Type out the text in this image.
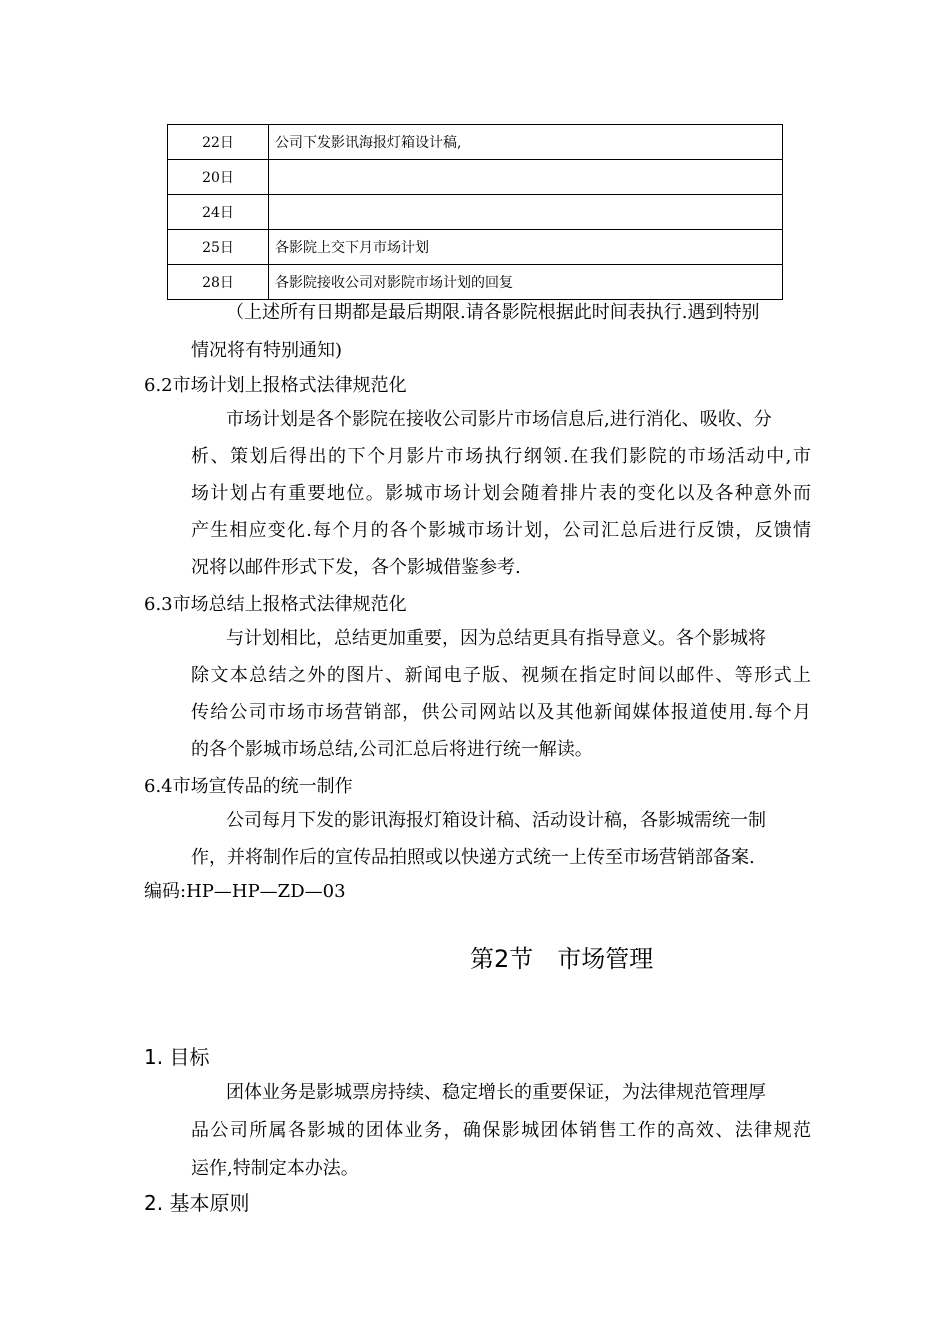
22日	公司下发影讯海报灯箱设计稿,
20日	
24日	
25日	各影院上交下月市场计划
28日	各影院接收公司对影院市场计划的回复
（上述所有日期都是最后期限.请各影院根据此时间表执行.遇到特别
情况将有特别通知)
6.2市场计划上报格式法律规范化
市场计划是各个影院在接收公司影片市场信息后,进行消化、吸收、分
析、策划后得出的下个月影片市场执行纲领.在我们影院的市场活动中,市
场计划占有重要地位。影城市场计划会随着排片表的变化以及各种意外而
产生相应变化.每个月的各个影城市场计划，公司汇总后进行反馈，反馈情
况将以邮件形式下发，各个影城借鉴参考.
6.3市场总结上报格式法律规范化
与计划相比，总结更加重要，因为总结更具有指导意义。各个影城将
除文本总结之外的图片、新闻电子版、视频在指定时间以邮件、等形式上
传给公司市场市场营销部，供公司网站以及其他新闻媒体报道使用.每个月
的各个影城市场总结,公司汇总后将进行统一解读。
6.4市场宣传品的统一制作
公司每月下发的影讯海报灯箱设计稿、活动设计稿，各影城需统一制
作，并将制作后的宣传品拍照或以快递方式统一上传至市场营销部备案.
编码:HP—HP—ZD—03
第2节 市场管理
1. 目标
团体业务是影城票房持续、稳定增长的重要保证，为法律规范管理厚
品公司所属各影城的团体业务，确保影城团体销售工作的高效、法律规范
运作,特制定本办法。
2. 基本原则
